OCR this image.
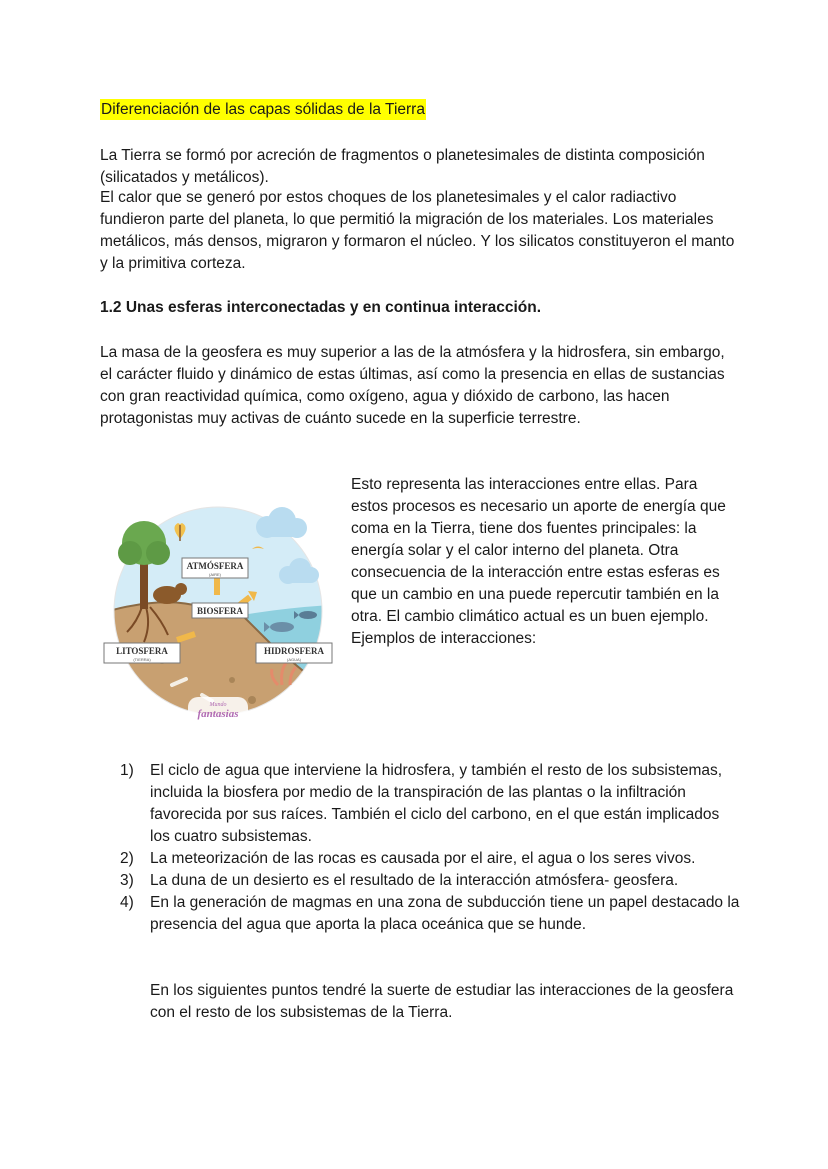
Diferenciación de las capas sólidas de la Tierra

La Tierra se formó por acreción de fragmentos o planetesimales de distinta composición (silicatados y metálicos).

El calor que se generó por estos choques de los planetesimales y el calor radiactivo fundieron parte del planeta, lo que permitió la migración de los materiales. Los materiales metálicos, más densos, migraron y formaron el núcleo. Y los silicatos constituyeron el manto y la primitiva corteza.

1.2 Unas esferas interconectadas y en continua interacción.

La masa de la geosfera es muy superior a las de la atmósfera y la hidrosfera, sin embargo, el carácter fluido y dinámico de estas últimas, así como la presencia en ellas de sustancias con gran reactividad química, como oxígeno, agua y dióxido de carbono, las hacen protagonistas muy activas de cuánto sucede en la superficie terrestre.

ATMÓSFERA
(AIRE)
BIOSFERA
LITOSFERA
(TIERRA)
HIDROSFERA
(AGUA)
Mundo
fantasias

Esto representa las interacciones entre ellas. Para estos procesos es necesario un aporte de energía que coma en la Tierra, tiene dos fuentes principales: la energía solar y el calor interno del planeta. Otra consecuencia de la interacción entre estas esferas es que un cambio en una puede repercutir también en la otra. El cambio climático actual es un buen ejemplo. Ejemplos de interacciones:

1) El ciclo de agua que interviene la hidrosfera, y también el resto de los subsistemas, incluida la biosfera por medio de la transpiración de las plantas o la infiltración favorecida por sus raíces. También el ciclo del carbono, en el que están implicados los cuatro subsistemas.
2) La meteorización de las rocas es causada por el aire, el agua o los seres vivos.
3) La duna de un desierto es el resultado de la interacción atmósfera- geosfera.
4) En la generación de magmas en una zona de subducción tiene un papel destacado la presencia del agua que aporta la placa oceánica que se hunde.

En los siguientes puntos tendré la suerte de estudiar las interacciones de la geosfera con el resto de los subsistemas de la Tierra.
